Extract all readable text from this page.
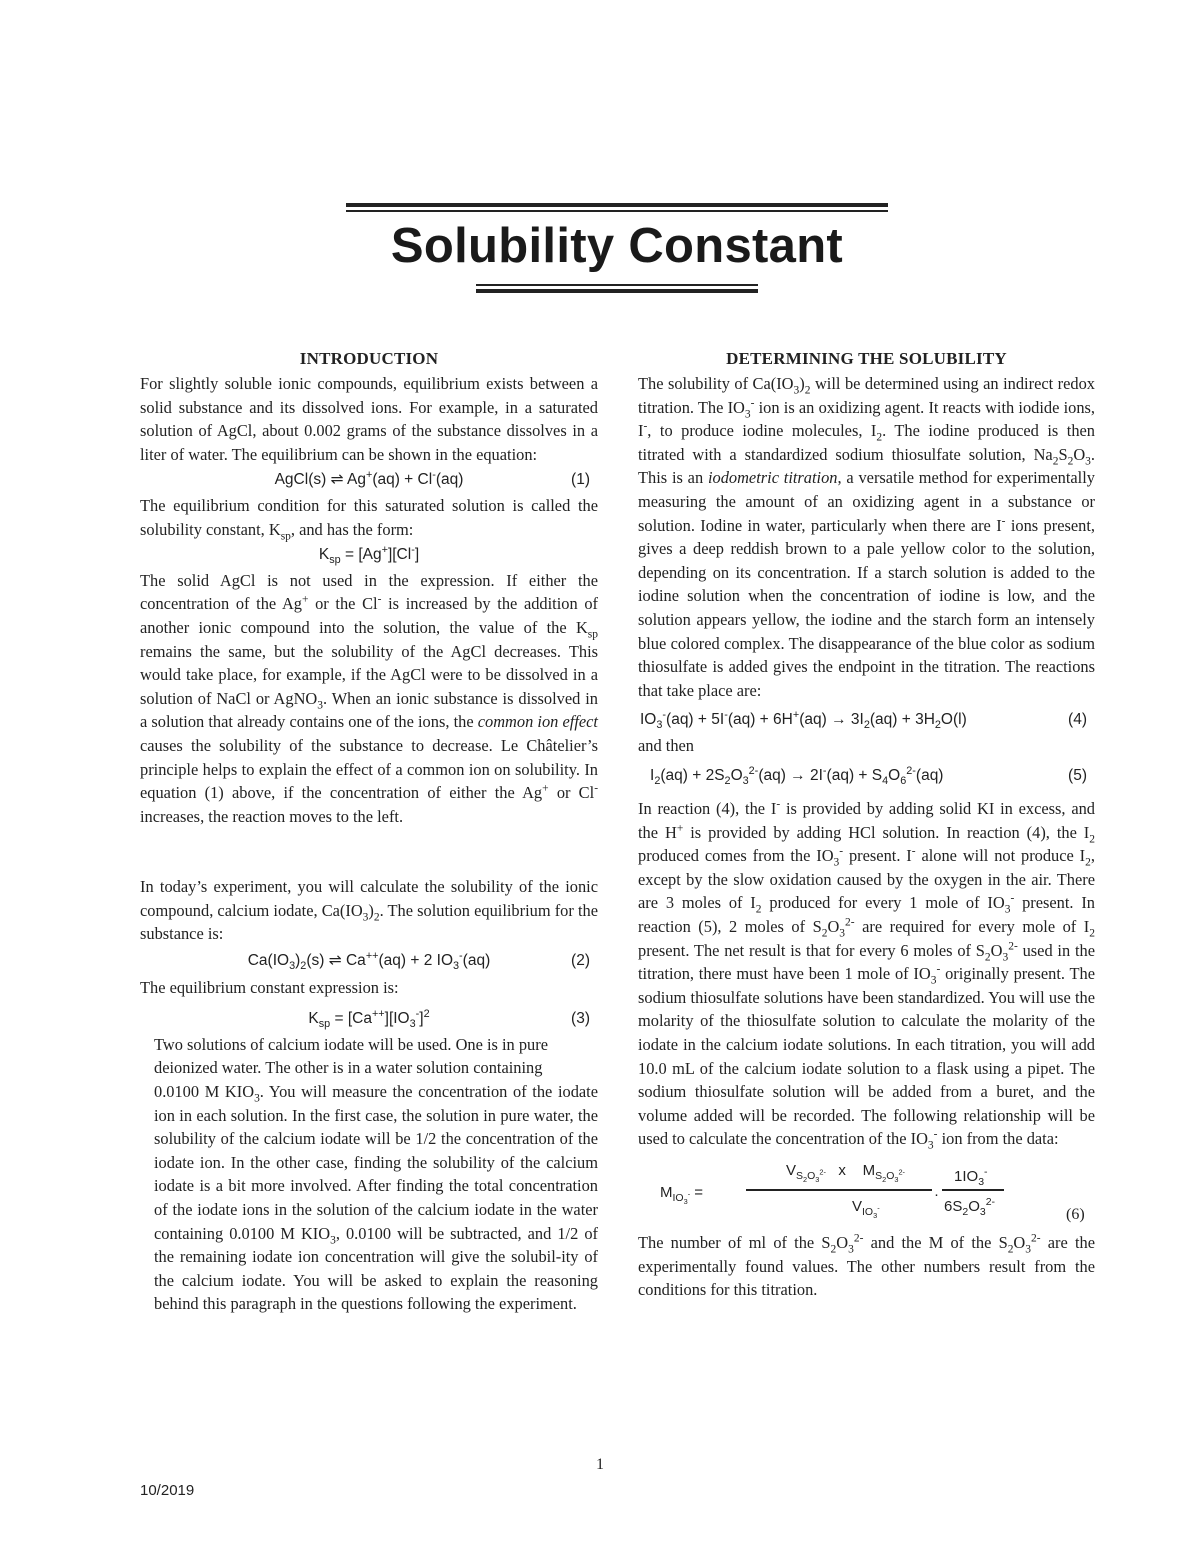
Solubility Constant
INTRODUCTION

For slightly soluble ionic compounds, equilibrium exists between a solid substance and its dissolved ions. For example, in a saturated solution of AgCl, about 0.002 grams of the substance dissolves in a liter of water. The equilibrium can be shown in the equation:

AgCl(s) ⇌ Ag+(aq) + Cl-(aq)	(1)

The equilibrium condition for this saturated solution is called the solubility constant, $K_{sp}$, and has the form:

$K_{sp} = [Ag^+][Cl^-]$

The solid AgCl is not used in the expression. If either the concentration of the Ag+ or the Cl- is increased by the addition of another ionic compound into the solution, the value of the $K_{sp}$ remains the same, but the solubility of the AgCl decreases. This would take place, for example, if the AgCl were to be dissolved in a solution of NaCl or AgNO$_3$. When an ionic substance is dissolved in a solution that already contains one of the ions, the common ion effect causes the solubility of the substance to decrease. Le Châtelier’s principle helps to explain the effect of a common ion on solubility. In equation (1) above, if the concentration of either the Ag+ or Cl- increases, the reaction moves to the left.

In today’s experiment, you will calculate the solubility of the ionic compound, calcium iodate, $Ca(IO_3)_2$. The solution equilibrium for the substance is:

$Ca(IO_3)_2(s)$ ⇌ Ca++(aq) + 2 $IO_3^-(aq)$	(2)

The equilibrium constant expression is:

$K_{sp} = [Ca^{++}][IO_3^-]^2$	(3)

Two solutions of calcium iodate will be used. One is in pure deionized water. The other is in a water solution containing

0.0100 M $KIO_3$. You will measure the concentration of the iodate ion in each solution. In the first case, the solution in pure water, the solubility of the calcium iodate will be 1/2 the concentration of the iodate ion. In the other case, finding the solubility of the calcium iodate is a bit more involved. After finding the total concentration of the iodate ions in the solution of the calcium iodate in the water containing 0.0100 M $KIO_3$, 0.0100 will be subtracted, and 1/2 of the remaining iodate ion concentration will give the solubil-ity of the calcium iodate. You will be asked to explain the reasoning behind this paragraph in the questions following the experiment.

DETERMINING THE SOLUBILITY

The solubility of $Ca(IO_3)_2$ will be determined using an indirect redox titration. The $IO_3^-$ ion is an oxidizing agent. It reacts with iodide ions, I-, to produce iodine molecules, $I_2$. The iodine produced is then titrated with a standardized sodium thiosulfate solution, $Na_2S_2O_3$. This is an iodometric titration, a versatile method for experimentally measuring the amount of an oxidizing agent in a substance or solution. Iodine in water, particularly when there are I- ions present, gives a deep reddish brown to a pale yellow color to the solution, depending on its concentration. If a starch solution is added to the iodine solution when the concentration of iodine is low, and the solution appears yellow, the iodine and the starch form an intensely blue colored complex. The disappearance of the blue color as sodium thiosulfate is added gives the endpoint in the titration. The reactions that take place are:

$IO_3^-(aq) + 5I^-(aq) + 6H^+(aq) \to 3I_2(aq) + 3H_2O(l)$	(4)

and then

$I_2(aq) + 2S_2O_3^{2-}(aq) \to 2I^-(aq) + S_4O_6^{2-}(aq)$	(5)

In reaction (4), the I- is provided by adding solid KI in excess, and the H+ is provided by adding HCl solution. In reaction (4), the $I_2$ produced comes from the $IO_3^-$ present. I- alone will not produce $I_2$, except by the slow oxidation caused by the oxygen in the air. There are 3 moles of $I_2$ produced for every 1 mole of $IO_3^-$ present. In reaction (5), 2 moles of $S_2O_3^{2-}$ are required for every mole of $I_2$ present. The net result is that for every 6 moles of $S_2O_3^{2-}$ used in the titration, there must have been 1 mole of $IO_3^-$ originally present. The sodium thiosulfate solutions have been standardized. You will use the molarity of the thiosulfate solution to calculate the molarity of the iodate in the calcium iodate solutions. In each titration, you will add 10.0 mL of the calcium iodate solution to a flask using a pipet. The sodium thiosulfate solution will be added from a buret, and the volume added will be recorded. The following relationship will be used to calculate the concentration of the $IO_3^-$ ion from the data:

$M_{IO_3^-}$ =
$V_{S_2O_3^{2-}}$   x    $M_{S_2O_3^{2-}}$
$V_{IO_3^-}$
·
$1IO_3^-$
$6S_2O_3^{2-}$
(6)

The number of ml of the $S_2O_3^{2-}$ and the M of the $S_2O_3^{2-}$ are the experimentally found values. The other numbers result from the conditions for this titration.

1
10/2019
